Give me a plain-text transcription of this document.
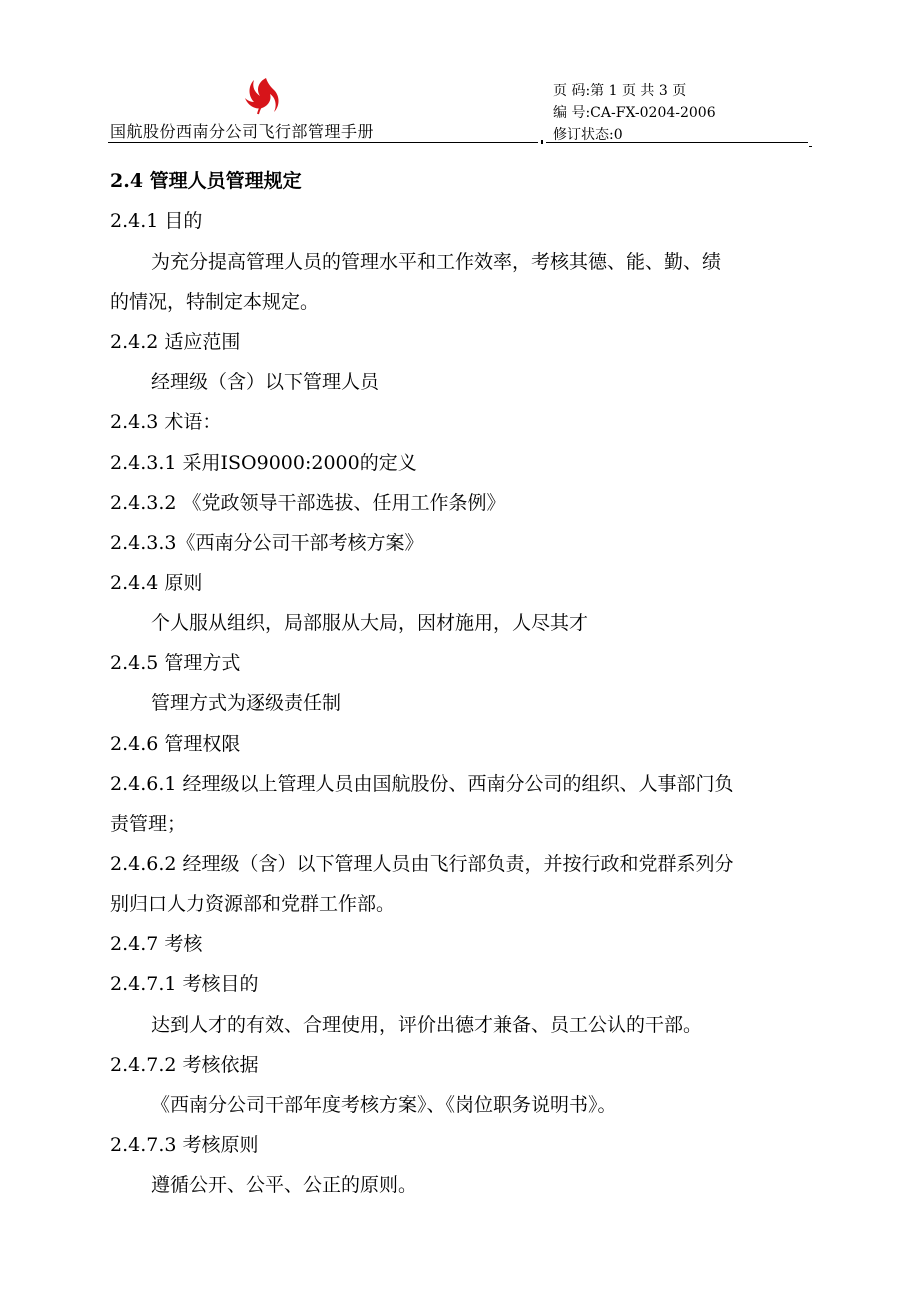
国航股份西南分公司飞行部管理手册
页 码:第 1 页 共 3 页
编 号:CA-FX-0204-2006
修订状态:0
2.4 管理人员管理规定
2.4.1 目的
为充分提高管理人员的管理水平和工作效率，考核其德、能、勤、绩
的情况，特制定本规定。
2.4.2 适应范围
经理级（含）以下管理人员
2.4.3 术语：
2.4.3.1 采用ISO9000:2000的定义
2.4.3.2 《党政领导干部选拔、任用工作条例》
2.4.3.3《西南分公司干部考核方案》
2.4.4 原则
个人服从组织，局部服从大局，因材施用，人尽其才
2.4.5 管理方式
管理方式为逐级责任制
2.4.6 管理权限
2.4.6.1 经理级以上管理人员由国航股份、西南分公司的组织、人事部门负
责管理；
2.4.6.2 经理级（含）以下管理人员由飞行部负责，并按行政和党群系列分
别归口人力资源部和党群工作部。
2.4.7 考核
2.4.7.1 考核目的
达到人才的有效、合理使用，评价出德才兼备、员工公认的干部。
2.4.7.2 考核依据
《西南分公司干部年度考核方案》、《岗位职务说明书》。
2.4.7.3 考核原则
遵循公开、公平、公正的原则。
